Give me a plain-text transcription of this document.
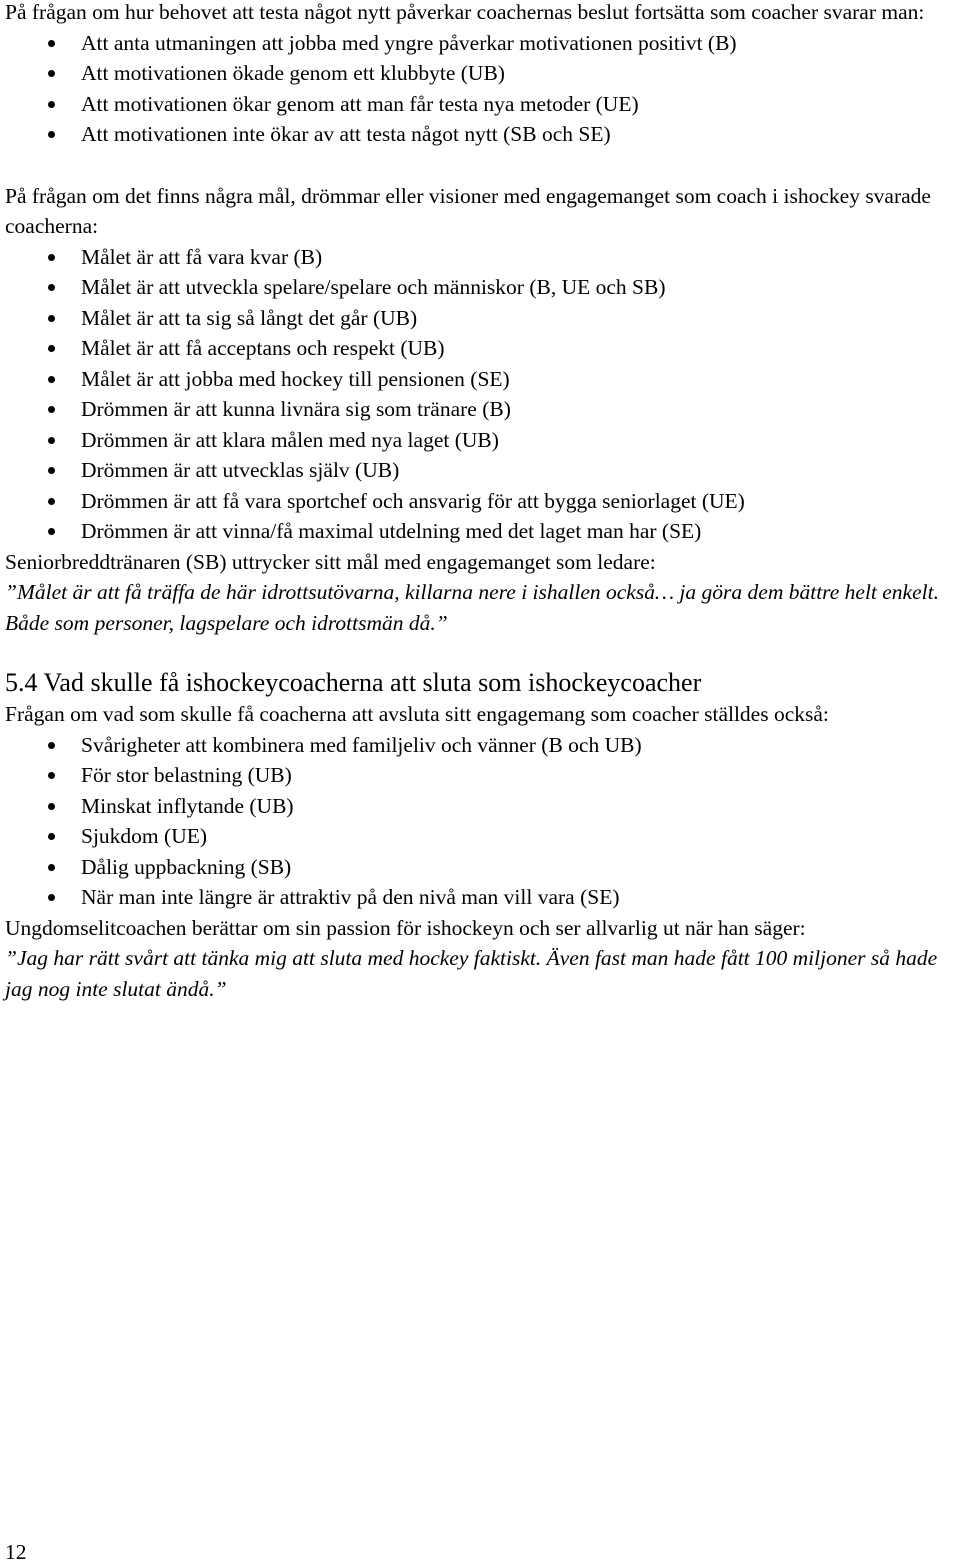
På frågan om hur behovet att testa något nytt påverkar coachernas beslut fortsätta som coacher svarar man:

Att anta utmaningen att jobba med yngre påverkar motivationen positivt (B)
Att motivationen ökade genom ett klubbyte (UB)
Att motivationen ökar genom att man får testa nya metoder (UE)
Att motivationen inte ökar av att testa något nytt (SB och SE)

På frågan om det finns några mål, drömmar eller visioner med engagemanget som coach i ishockey svarade coacherna:

Målet är att få vara kvar (B)
Målet är att utveckla spelare/spelare och människor (B, UE och SB)
Målet är att ta sig så långt det går (UB)
Målet är att få acceptans och respekt (UB)
Målet är att jobba med hockey till pensionen (SE)
Drömmen är att kunna livnära sig som tränare (B)
Drömmen är att klara målen med nya laget (UB)
Drömmen är att utvecklas själv (UB)
Drömmen är att få vara sportchef och ansvarig för att bygga seniorlaget (UE)
Drömmen är att vinna/få maximal utdelning med det laget man har (SE)

Seniorbreddtränaren (SB) uttrycker sitt mål med engagemanget som ledare:

”Målet är att få träffa de här idrottsutövarna, killarna nere i ishallen också… ja göra dem bättre helt enkelt. Både som personer, lagspelare och idrottsmän då.”

5.4 Vad skulle få ishockeycoacherna att sluta som ishockeycoacher

Frågan om vad som skulle få coacherna att avsluta sitt engagemang som coacher ställdes också:

Svårigheter att kombinera med familjeliv och vänner (B och UB)
För stor belastning (UB)
Minskat inflytande (UB)
Sjukdom (UE)
Dålig uppbackning (SB)
När man inte längre är attraktiv på den nivå man vill vara (SE)

Ungdomselitcoachen berättar om sin passion för ishockeyn och ser allvarlig ut när han säger:

”Jag har rätt svårt att tänka mig att sluta med hockey faktiskt. Även fast man hade fått 100 miljoner så hade jag nog inte slutat ändå.”

12
